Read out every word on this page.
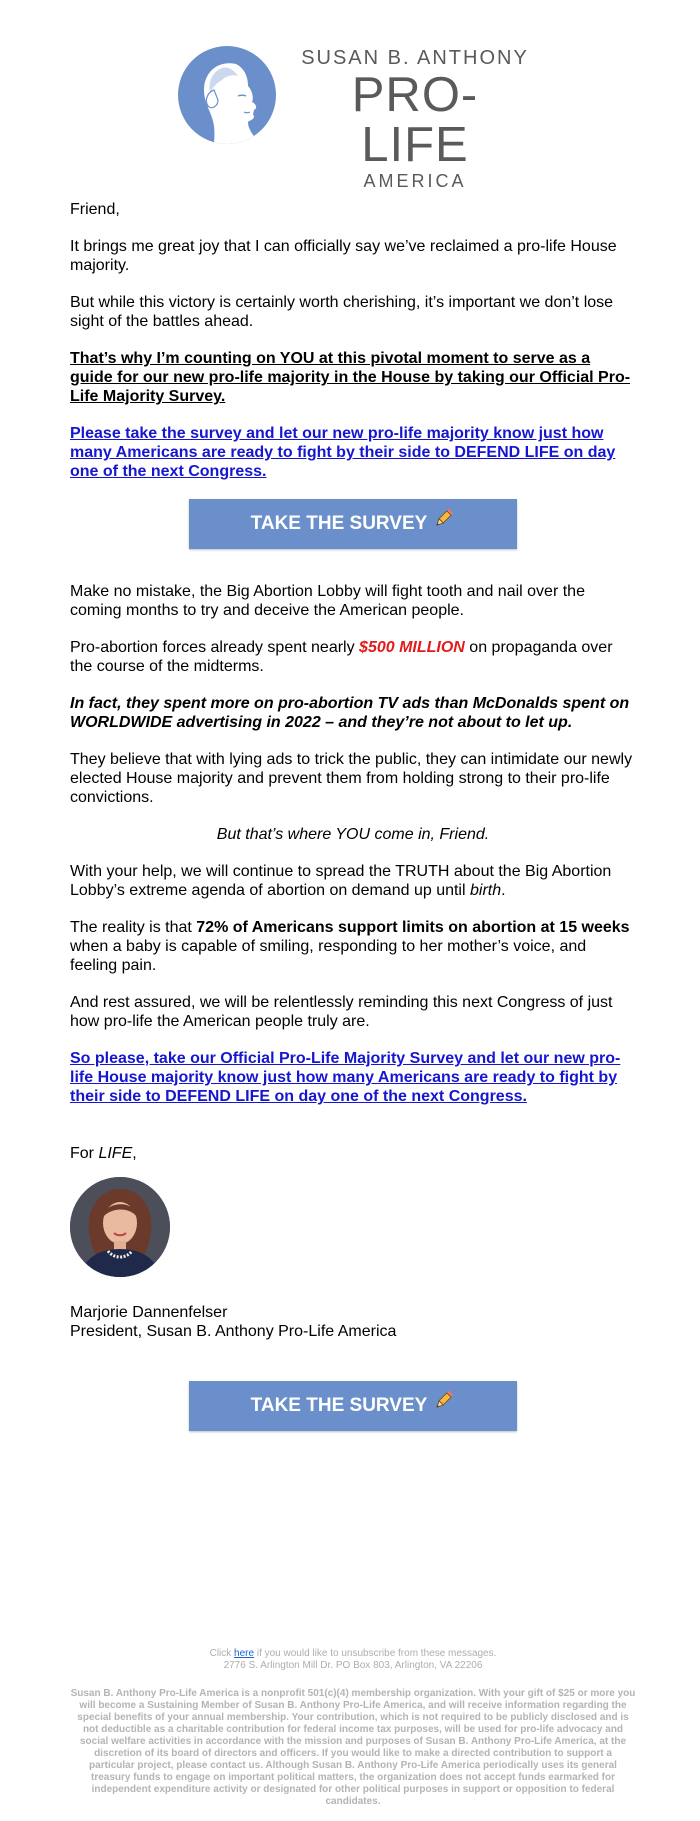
SUSAN B. ANTHONY
PRO-LIFE
AMERICA

Friend,

It brings me great joy that I can officially say we’ve reclaimed a pro-life House majority.

But while this victory is certainly worth cherishing, it’s important we don’t lose sight of the battles ahead.

That’s why I’m counting on YOU at this pivotal moment to serve as a guide for our new pro-life majority in the House by taking our Official Pro-Life Majority Survey.

Please take the survey and let our new pro-life majority know just how many Americans are ready to fight by their side to DEFEND LIFE on day one of the next Congress.

TAKE THE SURVEY

Make no mistake, the Big Abortion Lobby will fight tooth and nail over the coming months to try and deceive the American people.

Pro-abortion forces already spent nearly $500 MILLION on propaganda over the course of the midterms.

In fact, they spent more on pro-abortion TV ads than McDonalds spent on WORLDWIDE advertising in 2022 – and they’re not about to let up.

They believe that with lying ads to trick the public, they can intimidate our newly elected House majority and prevent them from holding strong to their pro-life convictions.

But that’s where YOU come in, Friend.

With your help, we will continue to spread the TRUTH about the Big Abortion Lobby’s extreme agenda of abortion on demand up until birth.

The reality is that 72% of Americans support limits on abortion at 15 weeks when a baby is capable of smiling, responding to her mother’s voice, and feeling pain.

And rest assured, we will be relentlessly reminding this next Congress of just how pro-life the American people truly are.

So please, take our Official Pro-Life Majority Survey and let our new pro-life House majority know just how many Americans are ready to fight by their side to DEFEND LIFE on day one of the next Congress.

For LIFE,

Marjorie Dannenfelser
President, Susan B. Anthony Pro-Life America
TAKE THE SURVEY
Click here if you would like to unsubscribe from these messages.
2776 S. Arlington Mill Dr. PO Box 803, Arlington, VA 22206
Susan B. Anthony Pro-Life America is a nonprofit 501(c)(4) membership organization. With your gift of $25 or more you will become a Sustaining Member of Susan B. Anthony Pro-Life America, and will receive information regarding the special benefits of your annual membership. Your contribution, which is not required to be publicly disclosed and is not deductible as a charitable contribution for federal income tax purposes, will be used for pro-life advocacy and social welfare activities in accordance with the mission and purposes of Susan B. Anthony Pro-Life America, at the discretion of its board of directors and officers. If you would like to make a directed contribution to support a particular project, please contact us. Although Susan B. Anthony Pro-Life America periodically uses its general treasury funds to engage on important political matters, the organization does not accept funds earmarked for independent expenditure activity or designated for other political purposes in support or opposition to federal candidates.
